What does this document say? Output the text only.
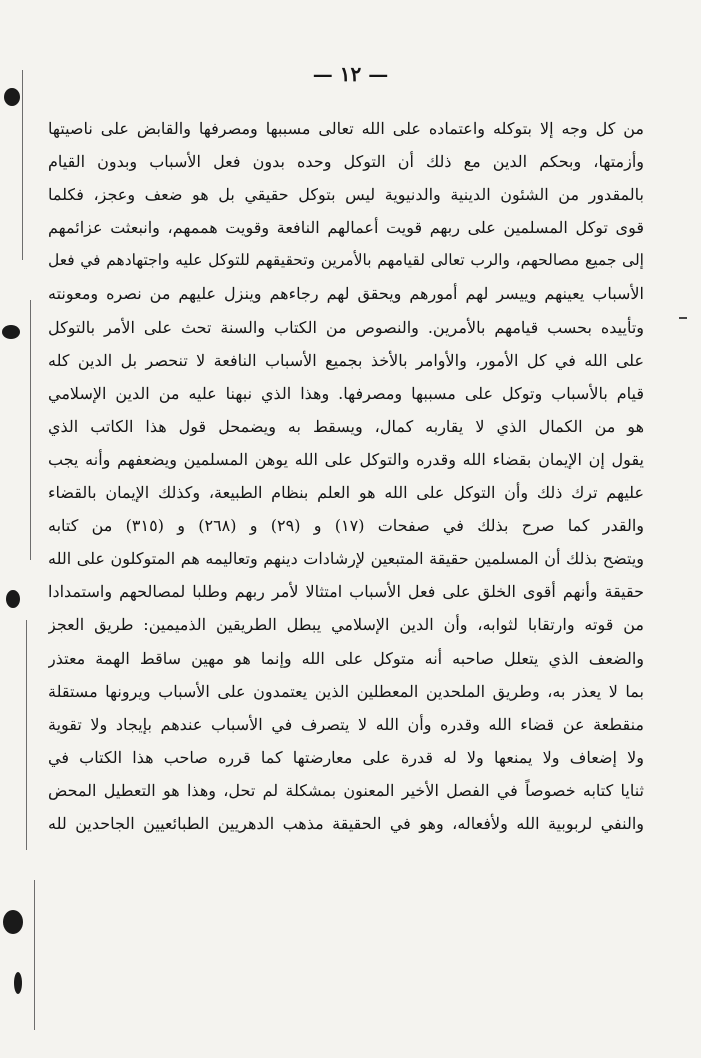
— ١٢ —
من كل وجه إلا بتوكله واعتماده على الله تعالى مسببها ومصرفها والقابض على ناصيتها
وأزمتها، وبحكم الدين مع ذلك أن التوكل وحده بدون فعل الأسباب وبدون القيام
بالمقدور من الشئون الدينية والدنيوية ليس بتوكل حقيقي بل هو ضعف وعجز، فكلما
قوى توكل المسلمين على ربهم قويت أعمالهم النافعة وقويت هممهم، وانبعثت عزائمهم
إلى جميع مصالحهم، والرب تعالى لقيامهم بالأمرين وتحقيقهم للتوكل عليه واجتهادهم في فعل
الأسباب يعينهم وييسر لهم أمورهم ويحقق لهم رجاءهم وينزل عليهم من نصره ومعونته
وتأييده بحسب قيامهم بالأمرين. والنصوص من الكتاب والسنة تحث على الأمر بالتوكل
على الله في كل الأمور، والأوامر بالأخذ بجميع الأسباب النافعة لا تنحصر بل الدين كله
قيام بالأسباب وتوكل على مسببها ومصرفها. وهذا الذي نبهنا عليه من الدين الإسلامي
هو من الكمال الذي لا يقاربه كمال، ويسقط به ويضمحل قول هذا الكاتب الذي
يقول إن الإيمان بقضاء الله وقدره والتوكل على الله يوهن المسلمين ويضعفهم وأنه يجب
عليهم ترك ذلك وأن التوكل على الله هو العلم بنظام الطبيعة، وكذلك الإيمان بالقضاء
والقدر كما صرح بذلك في صفحات (١٧) و (٢٩) و (٢٦٨) و (٣١٥) من كتابه
ويتضح بذلك أن المسلمين حقيقة المتبعين لإرشادات دينهم وتعاليمه هم المتوكلون على الله
حقيقة وأنهم أقوى الخلق على فعل الأسباب امتثالا لأمر ربهم وطلبا لمصالحهم واستمدادا
من قوته وارتقابا لثوابه، وأن الدين الإسلامي يبطل الطريقين الذميمين: طريق العجز
والضعف الذي يتعلل صاحبه أنه متوكل على الله وإنما هو مهين ساقط الهمة معتذر
بما لا يعذر به، وطريق الملحدين المعطلين الذين يعتمدون على الأسباب ويرونها مستقلة
منقطعة عن قضاء الله وقدره وأن الله لا يتصرف في الأسباب عندهم بإيجاد ولا تقوية
ولا إضعاف ولا يمنعها ولا له قدرة على معارضتها كما قرره صاحب هذا الكتاب في
ثنايا كتابه خصوصاً في الفصل الأخير المعنون بمشكلة لم تحل، وهذا هو التعطيل المحض
والنفي لربوبية الله ولأفعاله، وهو في الحقيقة مذهب الدهريين الطبائعيين الجاحدين لله
